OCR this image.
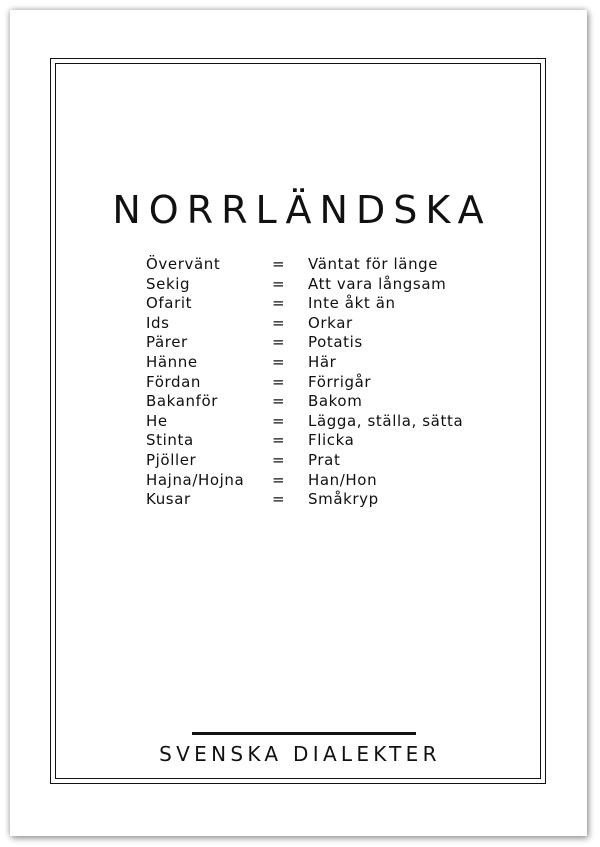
NORRLÄNDSKA
Övervänt	=	Väntat för länge
Sekig	=	Att vara långsam
Ofarit	=	Inte åkt än
Ids	=	Orkar
Pärer	=	Potatis
Hänne	=	Här
Fördan	=	Förrigår
Bakanför	=	Bakom
He	=	Lägga, ställa, sätta
Stinta	=	Flicka
Pjöller	=	Prat
Hajna/Hojna	=	Han/Hon
Kusar	=	Småkryp
SVENSKA DIALEKTER
